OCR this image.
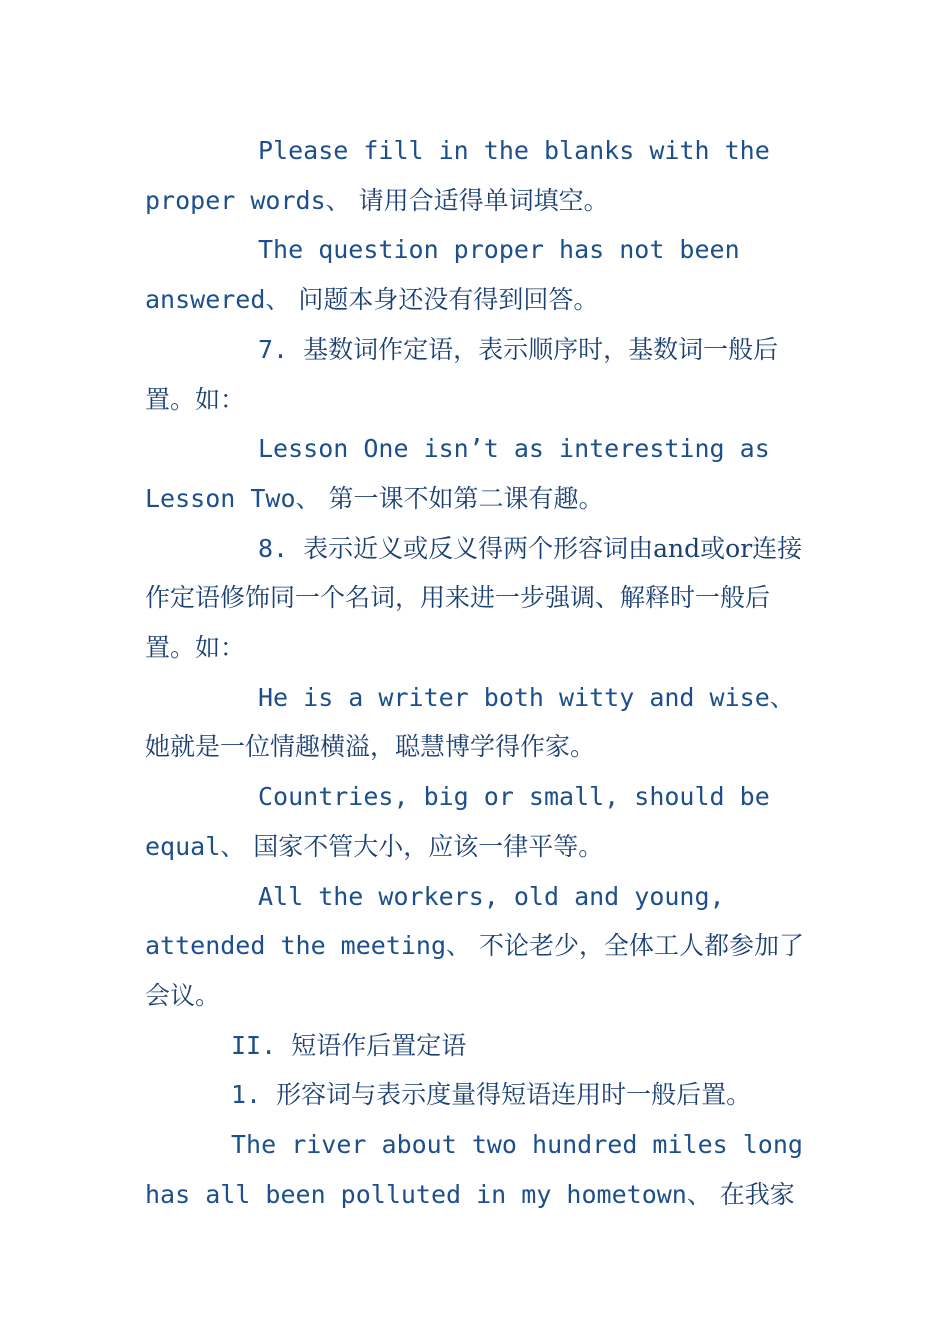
Please fill in the blanks with the proper words、 请用合适得单词填空。

The question proper has not been answered、 问题本身还没有得到回答。

7. 基数词作定语，表示顺序时，基数词一般后置。如：

Lesson One isn’t as interesting as Lesson Two、 第一课不如第二课有趣。

8. 表示近义或反义得两个形容词由and或or连接作定语修饰同一个名词，用来进一步强调、解释时一般后置。如：

He is a writer both witty and wise、她就是一位情趣横溢，聪慧博学得作家。

Countries, big or small, should be equal、 国家不管大小，应该一律平等。

All the workers, old and young, attended the meeting、 不论老少，全体工人都参加了会议。

II. 短语作后置定语

1. 形容词与表示度量得短语连用时一般后置。

The river about two hundred miles long has all been polluted in my hometown、 在我家
